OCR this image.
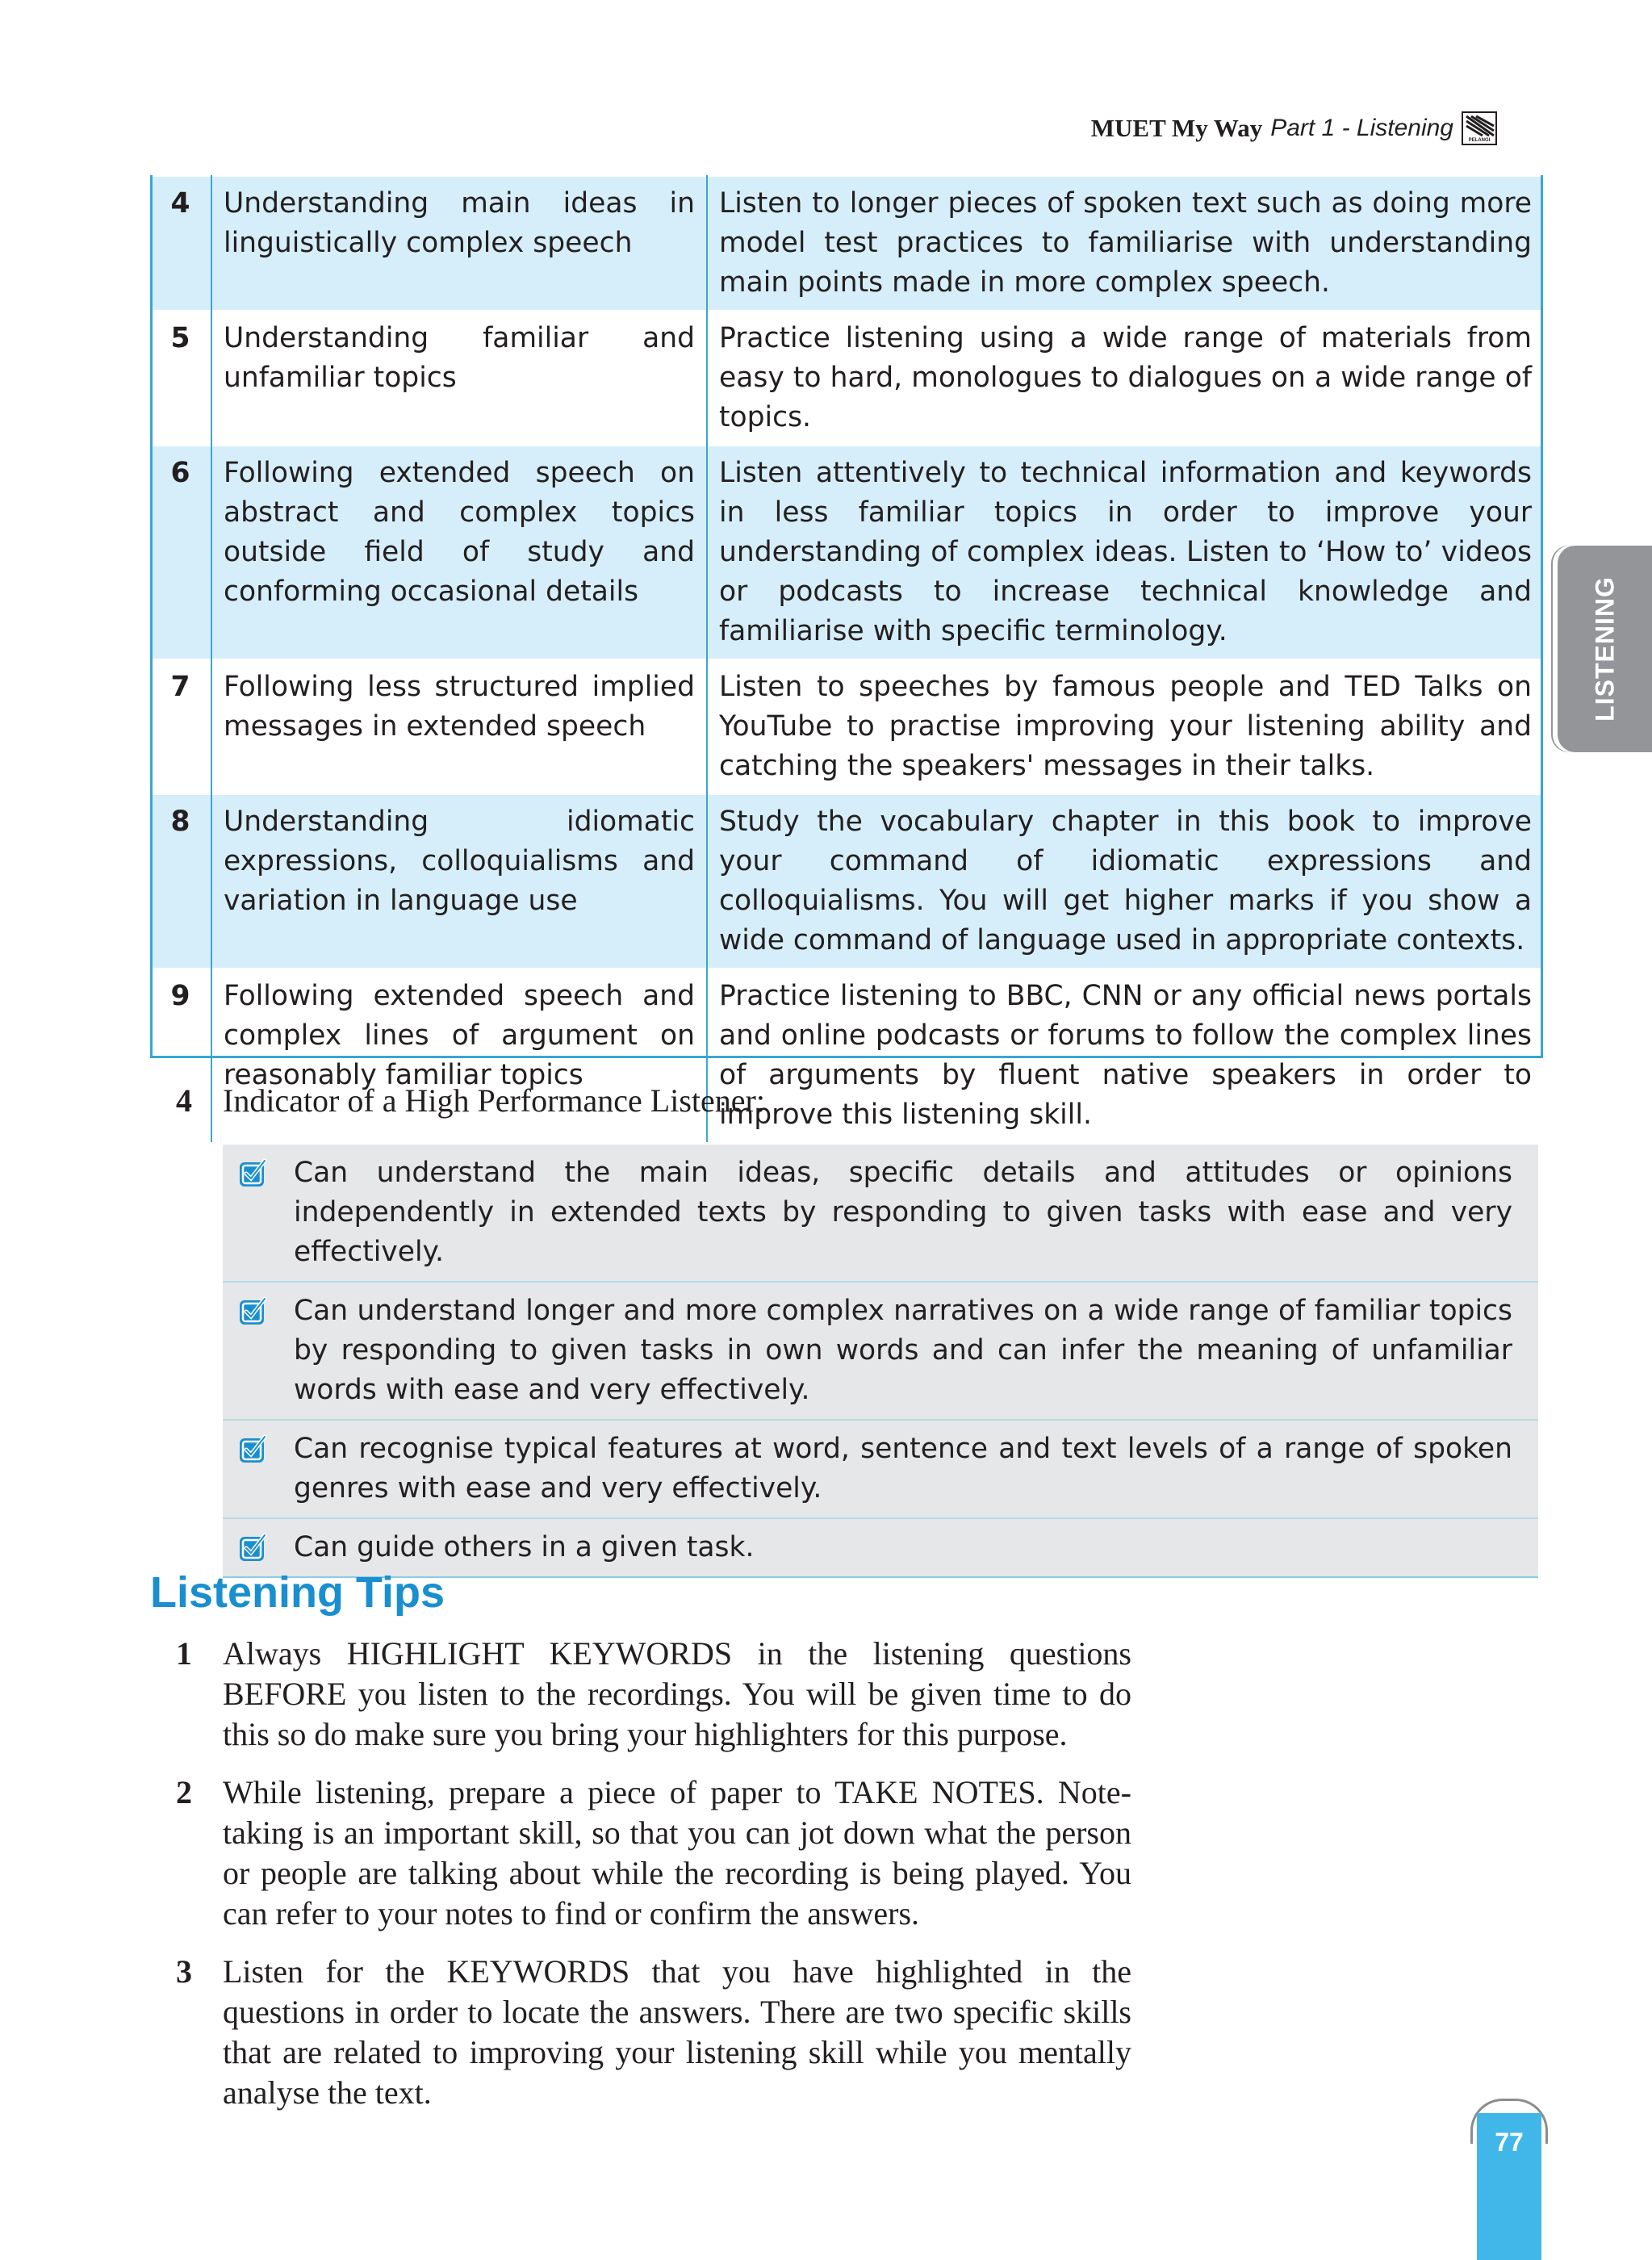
MUET My Way Part 1 - Listening	PELANGI
4	Understanding main ideas in linguistically complex speech	Listen to longer pieces of spoken text such as doing more model test practices to familiarise with understanding main points made in more complex speech.
5	Understanding familiar and unfamiliar topics	Practice listening using a wide range of materials from easy to hard, monologues to dialogues on a wide range of topics.
6	Following extended speech on abstract and complex topics outside field of study and conforming occasional details	Listen attentively to technical information and keywords in less familiar topics in order to improve your understanding of complex ideas. Listen to ‘How to’ videos or podcasts to increase technical knowledge and familiarise with specific terminology.
7	Following less structured implied messages in extended speech	Listen to speeches by famous people and TED Talks on YouTube to practise improving your listening ability and catching the speakers' messages in their talks.
8	Understanding idiomatic expressions, colloquialisms and variation in language use	Study the vocabulary chapter in this book to improve your command of idiomatic expressions and colloquialisms. You will get higher marks if you show a wide command of language used in appropriate contexts.
9	Following extended speech and complex lines of argument on reasonably familiar topics	Practice listening to BBC, CNN or any official news portals and online podcasts or forums to follow the complex lines of arguments by fluent native speakers in order to improve this listening skill.
4 Indicator of a High Performance Listener:
Can understand the main ideas, specific details and attitudes or opinions independently in extended texts by responding to given tasks with ease and very effectively.
Can understand longer and more complex narratives on a wide range of familiar topics by responding to given tasks in own words and can infer the meaning of unfamiliar words with ease and very effectively.
Can recognise typical features at word, sentence and text levels of a range of spoken genres with ease and very effectively.
Can guide others in a given task.
Listening Tips
1 Always HIGHLIGHT KEYWORDS in the listening questions BEFORE you listen to the recordings. You will be given time to do this so do make sure you bring your highlighters for this purpose.
2 While listening, prepare a piece of paper to TAKE NOTES. Note-taking is an important skill, so that you can jot down what the person or people are talking about while the recording is being played. You can refer to your notes to find or confirm the answers.
3 Listen for the KEYWORDS that you have highlighted in the questions in order to locate the answers. There are two specific skills that are related to improving your listening skill while you mentally analyse the text.
LISTENING
77
